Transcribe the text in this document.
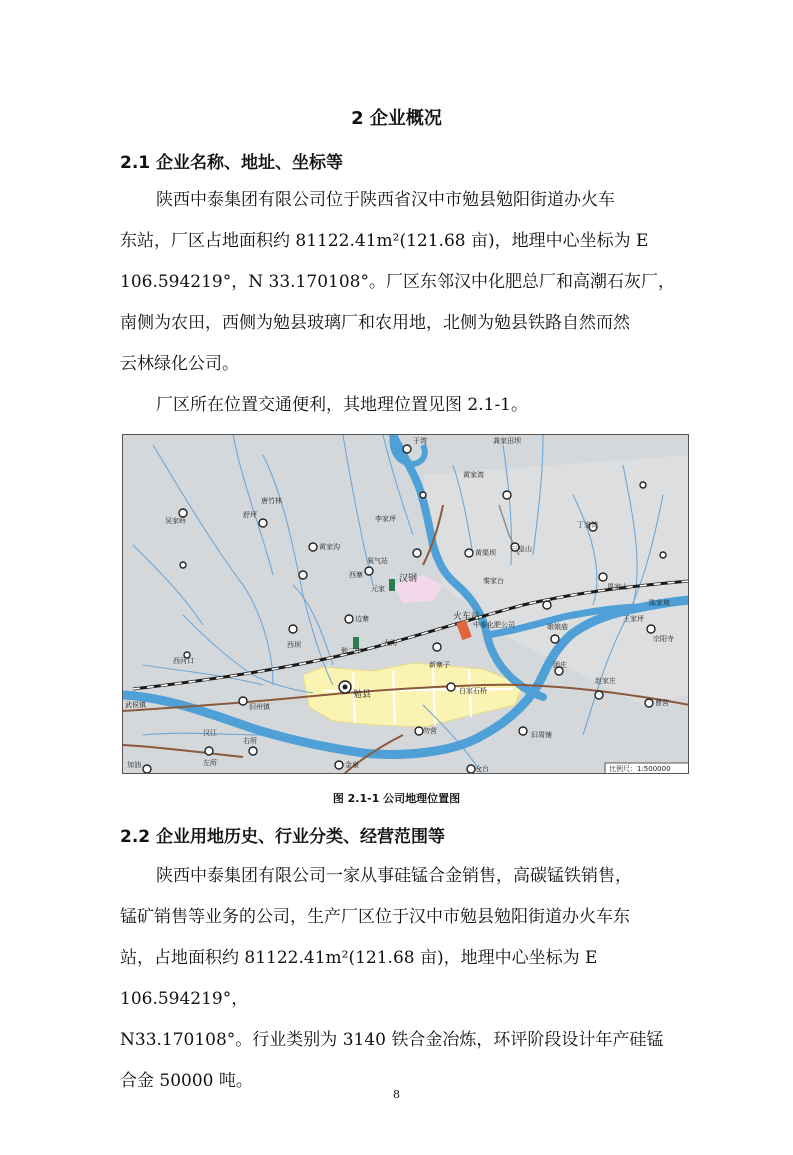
2 企业概况
2.1 企业名称、地址、坐标等

陕西中泰集团有限公司位于陕西省汉中市勉县勉阳街道办火车

东站，厂区占地面积约 81122.41m²(121.68 亩)，地理中心坐标为 E

106.594219°，N 33.170108°。厂区东邻汉中化肥总厂和高潮石灰厂，

南侧为农田，西侧为勉县玻璃厂和农用地，北侧为勉县铁路自然而然

云林绿化公司。

厂区所在位置交通便利，其地理位置见图 2.1-1。

于湾	龚家田坝
黄家湾
吴家岭
舒坪
唐竹林
黄家沟
李家坪
氧气站
黄渠坝 三皇山
丁家湾
汉钢
西寨
秦家台
火车站
中泰化肥公司	娘娘庙
周家山
边寨
西坝
陈家坡
王家坪
团庄
赵家庄
宗阳寺
勉县	白家石桥
曹营
武侯镇	旧州镇
旧周铺
加油	金泉	仓台
勿营
左所
右所
西河口
勉二中
汉江
大沟
新寨子
元家
比例尺：1:500000
图 2.1-1 公司地理位置图
2.2 企业用地历史、行业分类、经营范围等

陕西中泰集团有限公司一家从事硅锰合金销售，高碳锰铁销售，

锰矿销售等业务的公司，生产厂区位于汉中市勉县勉阳街道办火车东

站，占地面积约 81122.41m²(121.68 亩)，地理中心坐标为 E 106.594219°，

N33.170108°。行业类别为 3140 铁合金冶炼，环评阶段设计年产硅锰

合金 50000 吨。

8
